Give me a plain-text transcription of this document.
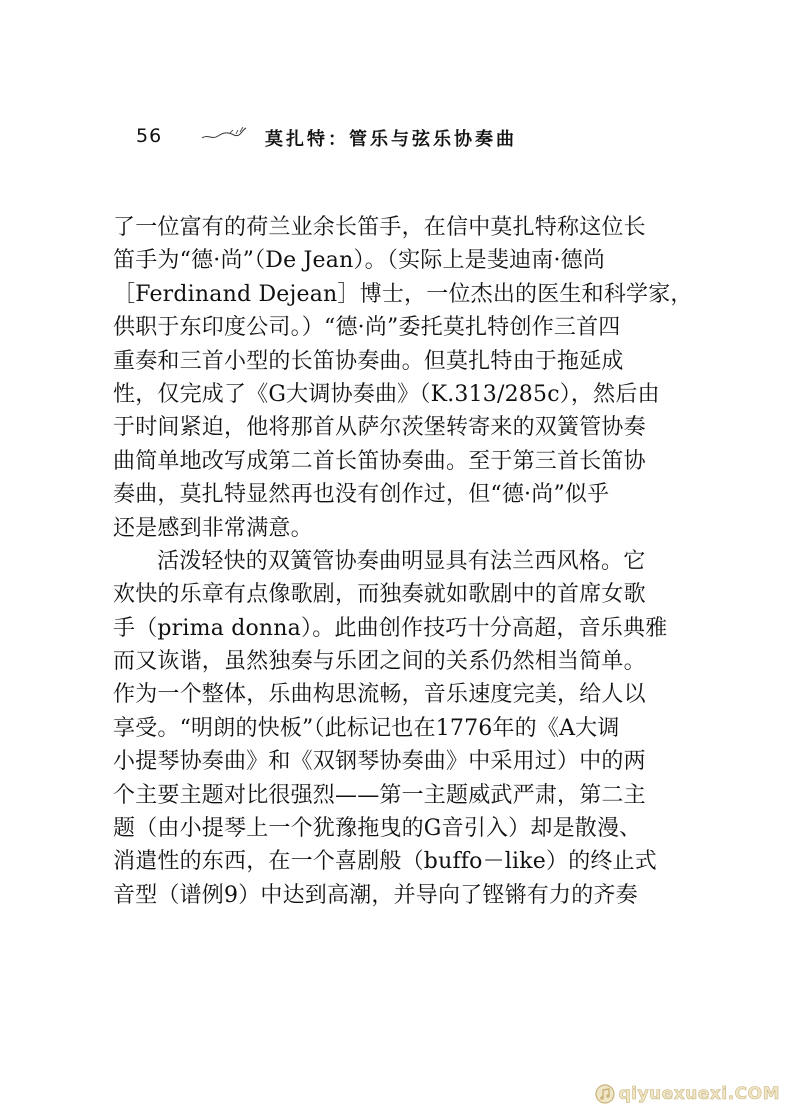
56	莫扎特：管乐与弦乐协奏曲
了一位富有的荷兰业余长笛手，在信中莫扎特称这位长
笛手为“德·尚”（De Jean）。（实际上是斐迪南·德尚
［Ferdinand Dejean］博士，一位杰出的医生和科学家，
供职于东印度公司。）“德·尚”委托莫扎特创作三首四
重奏和三首小型的长笛协奏曲。但莫扎特由于拖延成
性，仅完成了《G大调协奏曲》（K.313/285c），然后由
于时间紧迫，他将那首从萨尔茨堡转寄来的双簧管协奏
曲简单地改写成第二首长笛协奏曲。至于第三首长笛协
奏曲，莫扎特显然再也没有创作过，但“德·尚”似乎
还是感到非常满意。
活泼轻快的双簧管协奏曲明显具有法兰西风格。它
欢快的乐章有点像歌剧，而独奏就如歌剧中的首席女歌
手（prima donna）。此曲创作技巧十分高超，音乐典雅
而又诙谐，虽然独奏与乐团之间的关系仍然相当简单。
作为一个整体，乐曲构思流畅，音乐速度完美，给人以
享受。“明朗的快板”（此标记也在1776年的《A大调
小提琴协奏曲》和《双钢琴协奏曲》中采用过）中的两
个主要主题对比很强烈——第一主题威武严肃，第二主
题（由小提琴上一个犹豫拖曳的G音引入）却是散漫、
消遣性的东西，在一个喜剧般（buffo－like）的终止式
音型（谱例9）中达到高潮，并导向了铿锵有力的齐奏
qiyuexuexi.COM
